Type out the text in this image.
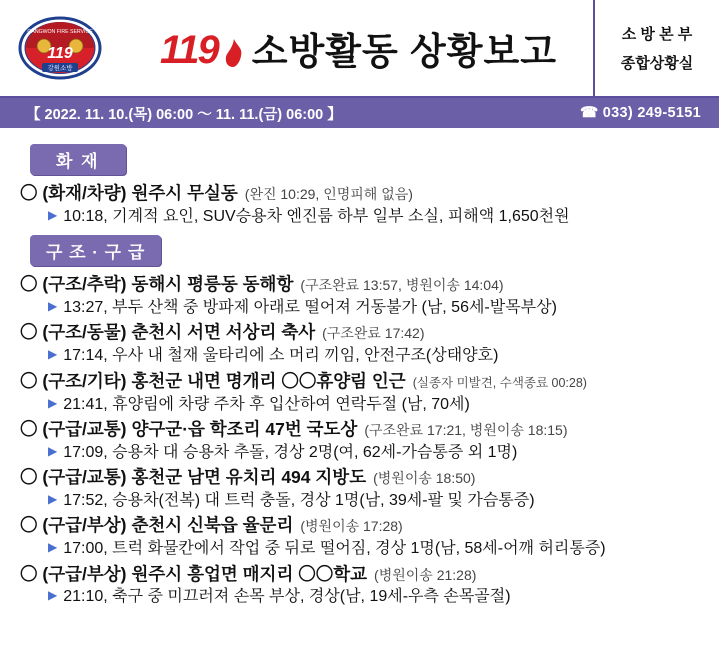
GANGWON FIRE SERVICE
119
강원소방 119 소방활동 상황보고	소 방 본 부
종합상황실
【 2022. 11. 10.(목) 06:00 ～ 11. 11.(금) 06:00 】	☎ 033) 249-5151
화 재
〇 (화재/차량) 원주시 무실동 (완진 10:29, 인명피해 없음)
▶ 10:18, 기계적 요인, SUV승용차 엔진룸 하부 일부 소실, 피해액 1,650천원
구 조 · 구 급
〇 (구조/추락) 동해시 평릉동 동해항 (구조완료 13:57, 병원이송 14:04)
▶ 13:27, 부두 산책 중 방파제 아래로 떨어져 거동불가 (남, 56세-발목부상)
〇 (구조/동물) 춘천시 서면 서상리 축사 (구조완료 17:42)
▶ 17:14, 우사 내 철재 울타리에 소 머리 끼임, 안전구조(상태양호)
〇 (구조/기타) 홍천군 내면 명개리 〇〇휴양림 인근 (실종자 미발견, 수색종료 00:28)
▶ 21:41, 휴양림에 차량 주차 후 입산하여 연락두절 (남, 70세)
〇 (구급/교통) 양구군·읍 학조리 47번 국도상 (구조완료 17:21, 병원이송 18:15)
▶ 17:09, 승용차 대 승용차 추돌, 경상 2명(여, 62세-가슴통증 외 1명)
〇 (구급/교통) 홍천군 남면 유치리 494 지방도 (병원이송 18:50)
▶ 17:52, 승용차(전복) 대 트럭 충돌, 경상 1명(남, 39세-팔 및 가슴통증)
〇 (구급/부상) 춘천시 신북읍 율문리 (병원이송 17:28)
▶ 17:00, 트럭 화물칸에서 작업 중 뒤로 떨어짐, 경상 1명(남, 58세-어깨 허리통증)
〇 (구급/부상) 원주시 흥업면 매지리 〇〇학교 (병원이송 21:28)
▶ 21:10, 축구 중 미끄러져 손목 부상, 경상(남, 19세-우측 손목골절)
